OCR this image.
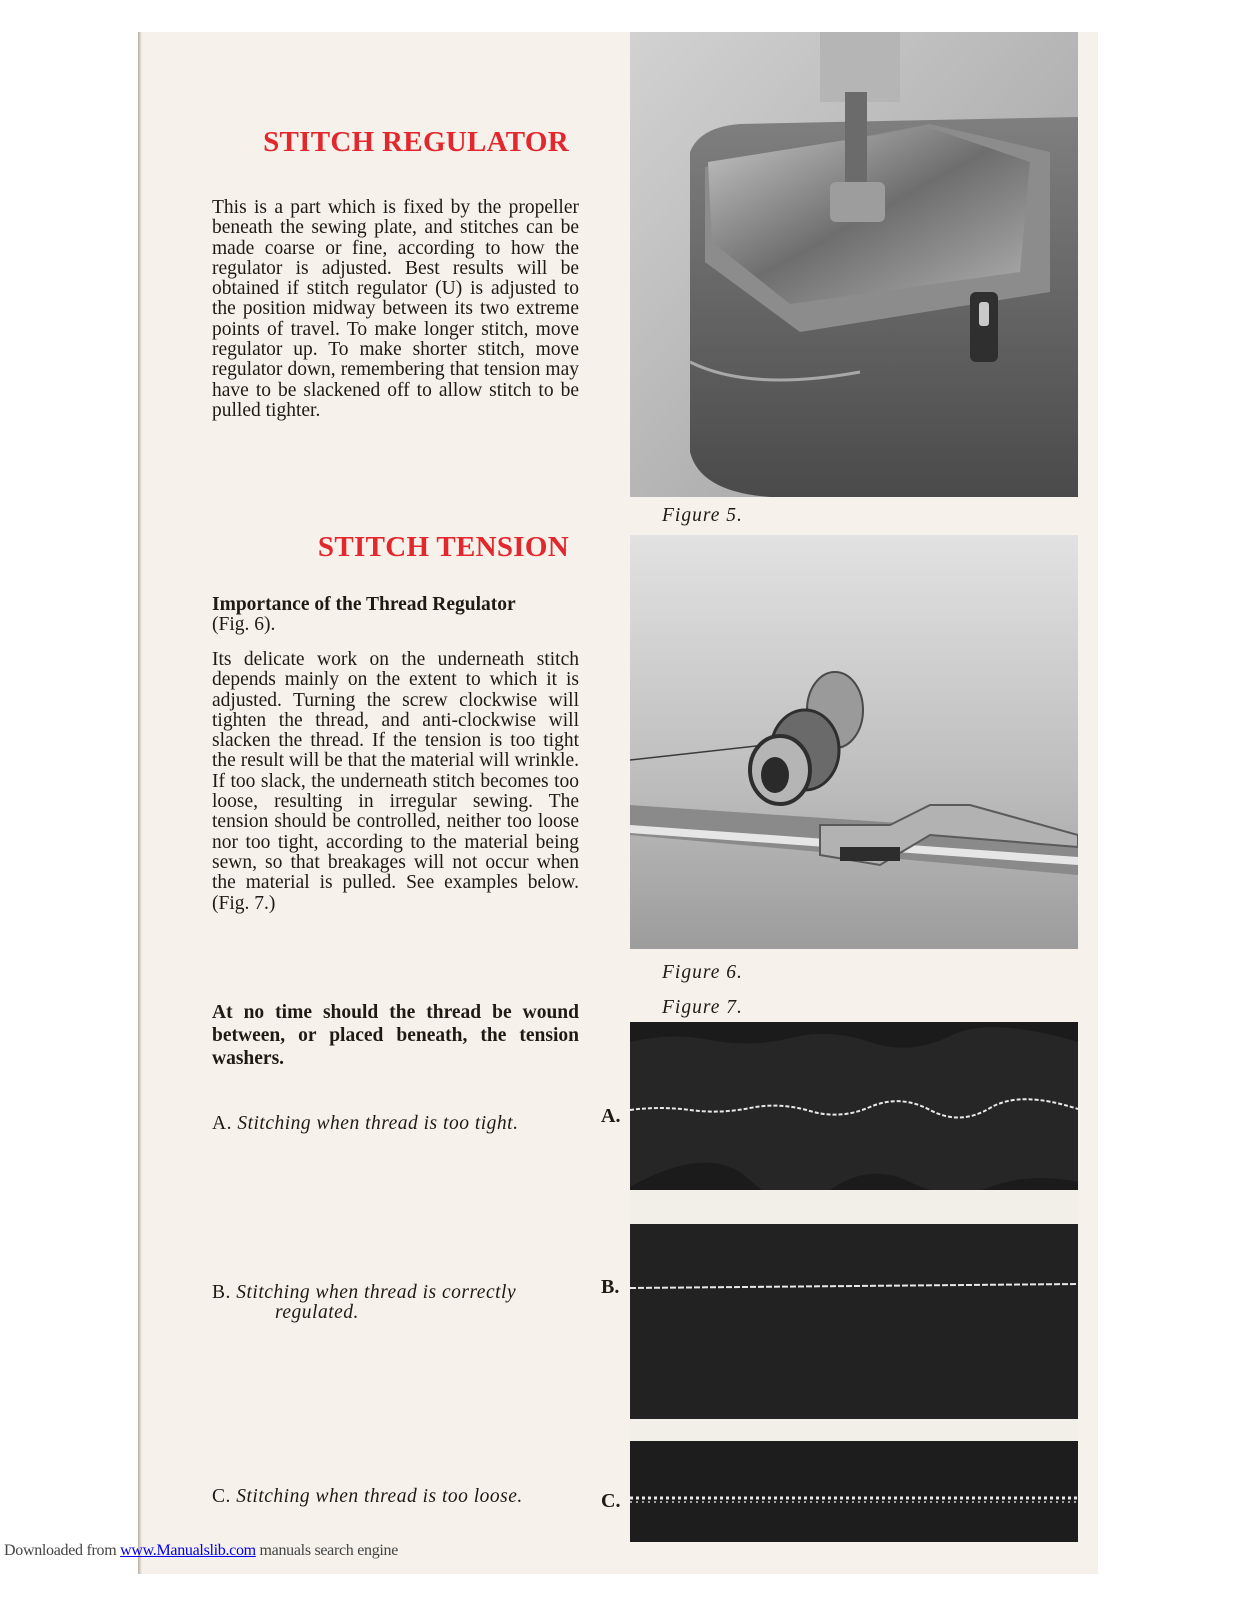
STITCH REGULATOR

This is a part which is fixed by the propeller beneath the sewing plate, and stitches can be made coarse or fine, according to how the regulator is adjusted. Best results will be obtained if stitch regulator (U) is adjusted to the position midway between its two extreme points of travel. To make longer stitch, move regulator up. To make shorter stitch, move regulator down, remembering that tension may have to be slackened off to allow stitch to be pulled tighter.

STITCH TENSION

Importance of the Thread Regulator
(Fig. 6).

Its delicate work on the underneath stitch depends mainly on the extent to which it is adjusted. Turning the screw clockwise will tighten the thread, and anti-clockwise will slacken the thread. If the tension is too tight the result will be that the material will wrinkle. If too slack, the underneath stitch becomes too loose, resulting in irregular sewing. The tension should be controlled, neither too loose nor too tight, according to the material being sewn, so that breakages will not occur when the material is pulled. See examples below. (Fig. 7.)

At no time should the thread be wound between, or placed beneath, the tension washers.

A. Stitching when thread is too tight.

B. Stitching when thread is correctly
regulated.

C. Stitching when thread is too loose.

Figure 5.

Figure 6.

Figure 7.

A.

B.

C.

Downloaded from www.Manualslib.com manuals search engine
